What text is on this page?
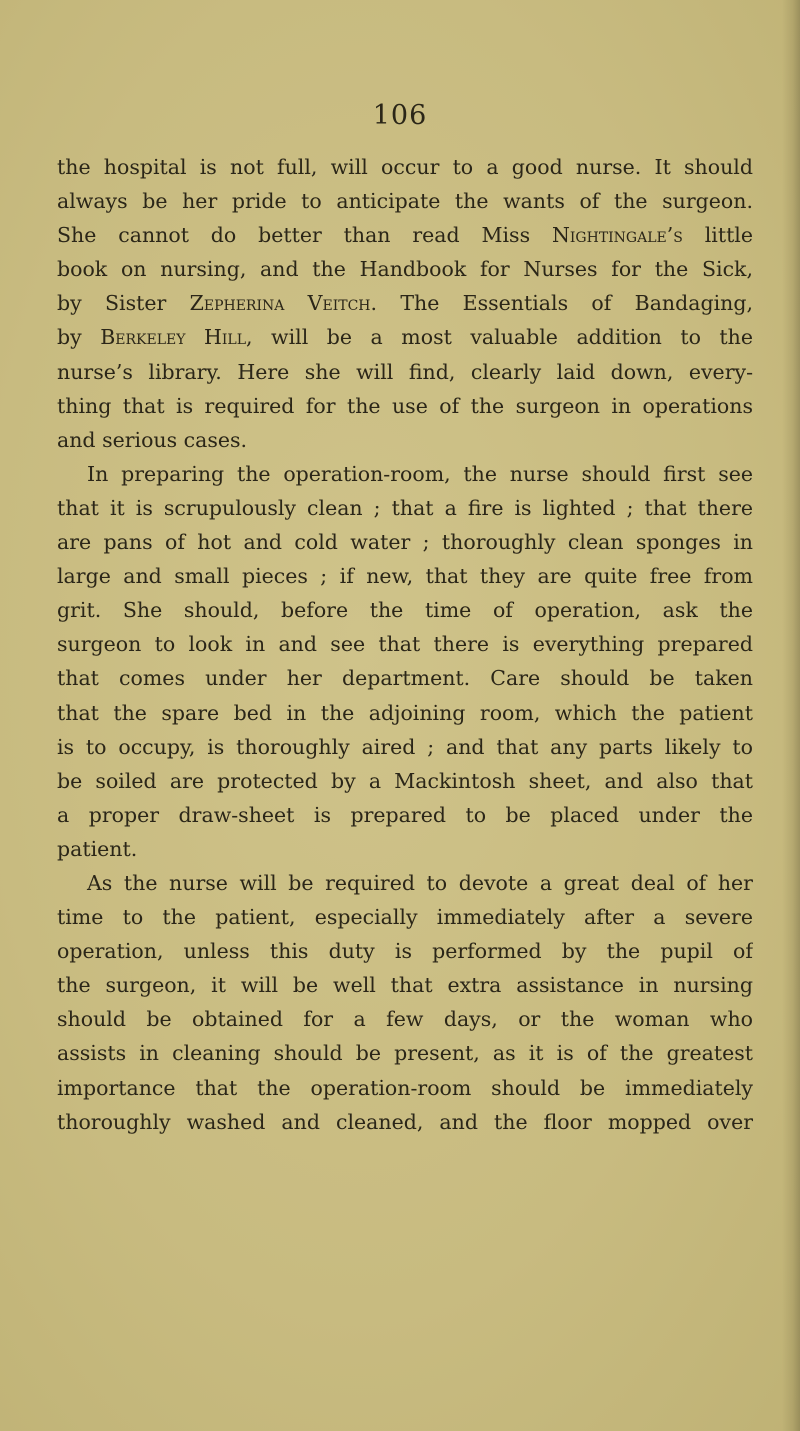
106
the hospital is not full, will occur to a good nurse. It should
always be her pride to anticipate the wants of the surgeon.
She cannot do better than read Miss Nightingale’s little
book on nursing, and the Handbook for Nurses for the Sick,
by Sister Zepherina Veitch. The Essentials of Bandaging,
by Berkeley Hill, will be a most valuable addition to the
nurse’s library. Here she will find, clearly laid down, every-
thing that is required for the use of the surgeon in operations
and serious cases.
In preparing the operation-room, the nurse should first see
that it is scrupulously clean ; that a fire is lighted ; that there
are pans of hot and cold water ; thoroughly clean sponges in
large and small pieces ; if new, that they are quite free from
grit. She should, before the time of operation, ask the
surgeon to look in and see that there is everything prepared
that comes under her department. Care should be taken
that the spare bed in the adjoining room, which the patient
is to occupy, is thoroughly aired ; and that any parts likely to
be soiled are protected by a Mackintosh sheet, and also that
a proper draw-sheet is prepared to be placed under the
patient.
As the nurse will be required to devote a great deal of her
time to the patient, especially immediately after a severe
operation, unless this duty is performed by the pupil of
the surgeon, it will be well that extra assistance in nursing
should be obtained for a few days, or the woman who
assists in cleaning should be present, as it is of the greatest
importance that the operation-room should be immediately
thoroughly washed and cleaned, and the floor mopped over
